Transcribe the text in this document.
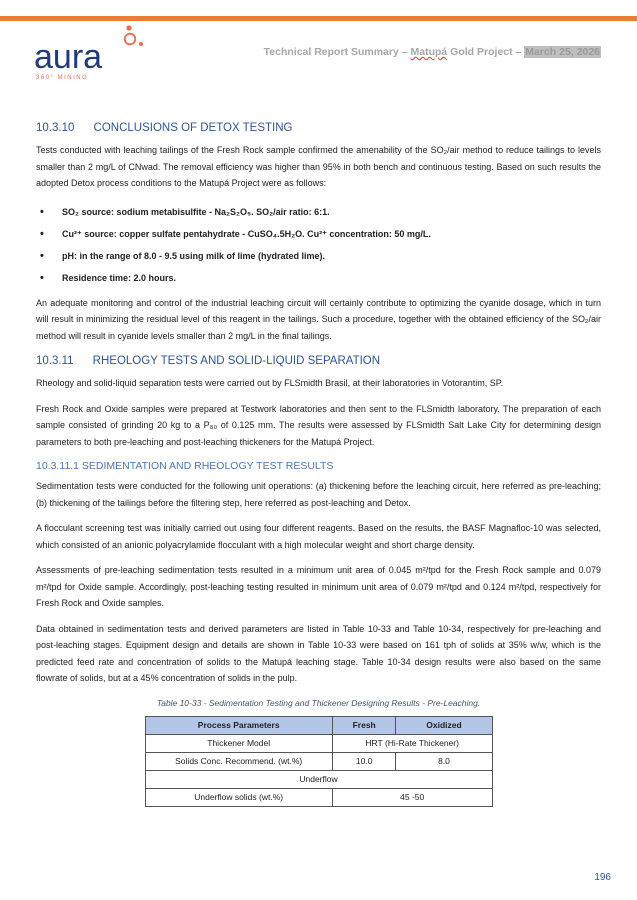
aura
360° MINING
Technical Report Summary – Matupá Gold Project – March 25, 2026
10.3.10      CONCLUSIONS OF DETOX TESTING
Tests conducted with leaching tailings of the Fresh Rock sample confirmed the amenability of the SO₂/air method to reduce tailings to levels smaller than 2 mg/L of CNwad. The removal efficiency was higher than 95% in both bench and continuous testing. Based on such results the adopted Detox process conditions to the Matupá Project were as follows:
• SO₂ source: sodium metabisulfite - Na₂S₂O₅. SO₂/air ratio: 6:1.
• Cu²⁺ source: copper sulfate pentahydrate - CuSO₄.5H₂O. Cu²⁺ concentration: 50 mg/L.
• pH: in the range of 8.0 - 9.5 using milk of lime (hydrated lime).
• Residence time: 2.0 hours.
An adequate monitoring and control of the industrial leaching circuit will certainly contribute to optimizing the cyanide dosage, which in turn will result in minimizing the residual level of this reagent in the tailings. Such a procedure, together with the obtained efficiency of the SO₂/air method will result in cyanide levels smaller than 2 mg/L in the final tailings.
10.3.11      RHEOLOGY TESTS AND SOLID-LIQUID SEPARATION
Rheology and solid-liquid separation tests were carried out by FLSmidth Brasil, at their laboratories in Votorantim, SP.
Fresh Rock and Oxide samples were prepared at Testwork laboratories and then sent to the FLSmidth laboratory. The preparation of each sample consisted of grinding 20 kg to a P₈₀ of 0.125 mm. The results were assessed by FLSmidth Salt Lake City for determining design parameters to both pre-leaching and post-leaching thickeners for the Matupá Project.
10.3.11.1 SEDIMENTATION AND RHEOLOGY TEST RESULTS
Sedimentation tests were conducted for the following unit operations: (a) thickening before the leaching circuit, here referred as pre-leaching; (b) thickening of the tailings before the filtering step, here referred as post-leaching and Detox.
A flocculant screening test was initially carried out using four different reagents. Based on the results, the BASF Magnafloc-10 was selected, which consisted of an anionic polyacrylamide flocculant with a high molecular weight and short charge density.
Assessments of pre-leaching sedimentation tests resulted in a minimum unit area of 0.045 m²/tpd for the Fresh Rock sample and 0.079 m²/tpd for Oxide sample. Accordingly, post-leaching testing resulted in minimum unit area of 0.079 m²/tpd and 0.124 m²/tpd, respectively for Fresh Rock and Oxide samples.
Data obtained in sedimentation tests and derived parameters are listed in Table 10-33 and Table 10-34, respectively for pre-leaching and post-leaching stages. Equipment design and details are shown in Table 10-33 were based on 161 tph of solids at 35% w/w, which is the predicted feed rate and concentration of solids to the Matupá leaching stage. Table 10-34 design results were also based on the same flowrate of solids, but at a 45% concentration of solids in the pulp.
Table 10-33 - Sedimentation Testing and Thickener Designing Results - Pre-Leaching.
Process Parameters	Fresh	Oxidized
Thickener Model	HRT (Hi-Rate Thickener)	
Solids Conc. Recommend. (wt.%)	10.0	8.0
Underflow		
Underflow solids (wt.%)	45 -50	
196
